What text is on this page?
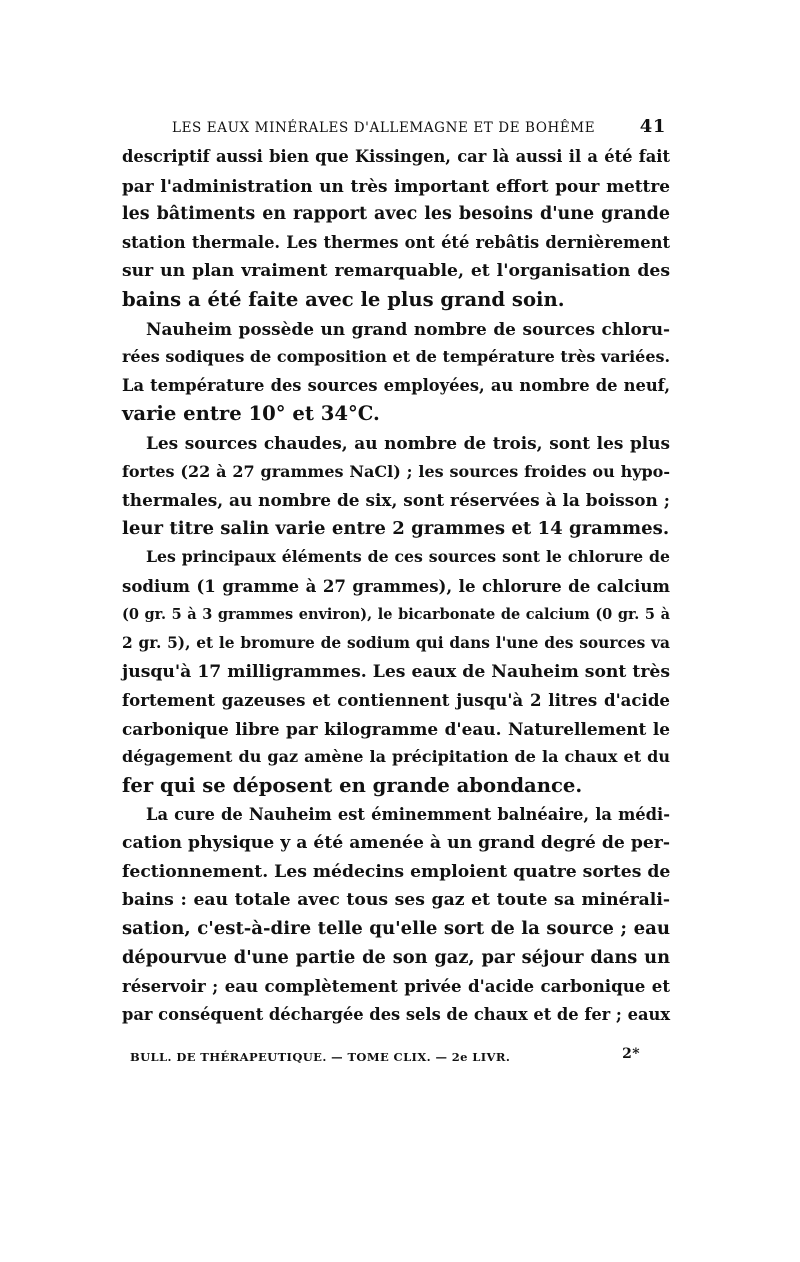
LES EAUX MINÉRALES D'ALLEMAGNE ET DE BOHÊME 41
descriptif aussi bien que Kissingen, car là aussi il a été fait
par l'administration un très important effort pour mettre
les bâtiments en rapport avec les besoins d'une grande
station thermale. Les thermes ont été rebâtis dernièrement
sur un plan vraiment remarquable, et l'organisation des
bains a été faite avec le plus grand soin.
Nauheim possède un grand nombre de sources chloru-
rées sodiques de composition et de température très variées.
La température des sources employées, au nombre de neuf,
varie entre 10° et 34°C.
Les sources chaudes, au nombre de trois, sont les plus
fortes (22 à 27 grammes NaCl) ; les sources froides ou hypo-
thermales, au nombre de six, sont réservées à la boisson ;
leur titre salin varie entre 2 grammes et 14 grammes.
Les principaux éléments de ces sources sont le chlorure de
sodium (1 gramme à 27 grammes), le chlorure de calcium
(0 gr. 5 à 3 grammes environ), le bicarbonate de calcium (0 gr. 5 à
2 gr. 5), et le bromure de sodium qui dans l'une des sources va
jusqu'à 17 milligrammes. Les eaux de Nauheim sont très
fortement gazeuses et contiennent jusqu'à 2 litres d'acide
carbonique libre par kilogramme d'eau. Naturellement le
dégagement du gaz amène la précipitation de la chaux et du
fer qui se déposent en grande abondance.
La cure de Nauheim est éminemment balnéaire, la médi-
cation physique y a été amenée à un grand degré de per-
fectionnement. Les médecins emploient quatre sortes de
bains : eau totale avec tous ses gaz et toute sa minérali-
sation, c'est-à-dire telle qu'elle sort de la source ; eau
dépourvue d'une partie de son gaz, par séjour dans un
réservoir ; eau complètement privée d'acide carbonique et
par conséquent déchargée des sels de chaux et de fer ; eaux
BULL. DE THÉRAPEUTIQUE. — TOME CLIX. — 2e LIVR.	2*
